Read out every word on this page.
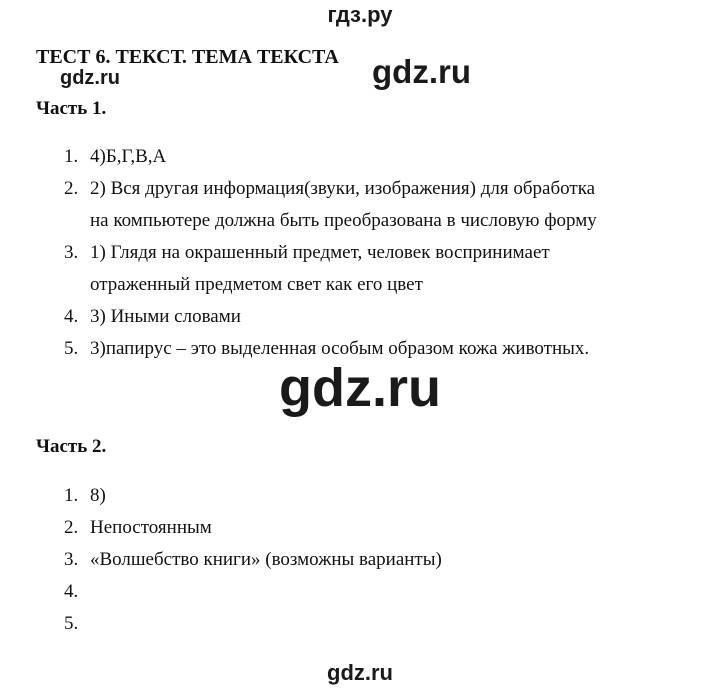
гдз.ру
ТЕСТ 6. ТЕКСТ. ТЕМА ТЕКСТА gdz.ru
gdz.ru
Часть 1.
1. 4)Б,Г,В,А
2. 2) Вся другая информация(звуки, изображения) для обработка
на компьютере должна быть преобразована в числовую форму
3. 1) Глядя на окрашенный предмет, человек воспринимает
отраженный предметом свет как его цвет
4. 3) Иными словами
5. 3)папирус – это выделенная особым образом кожа животных.
gdz.ru
Часть 2.
1. 8)
2. Непостоянным
3. «Волшебство книги» (возможны варианты)
4.
5.
gdz.ru
